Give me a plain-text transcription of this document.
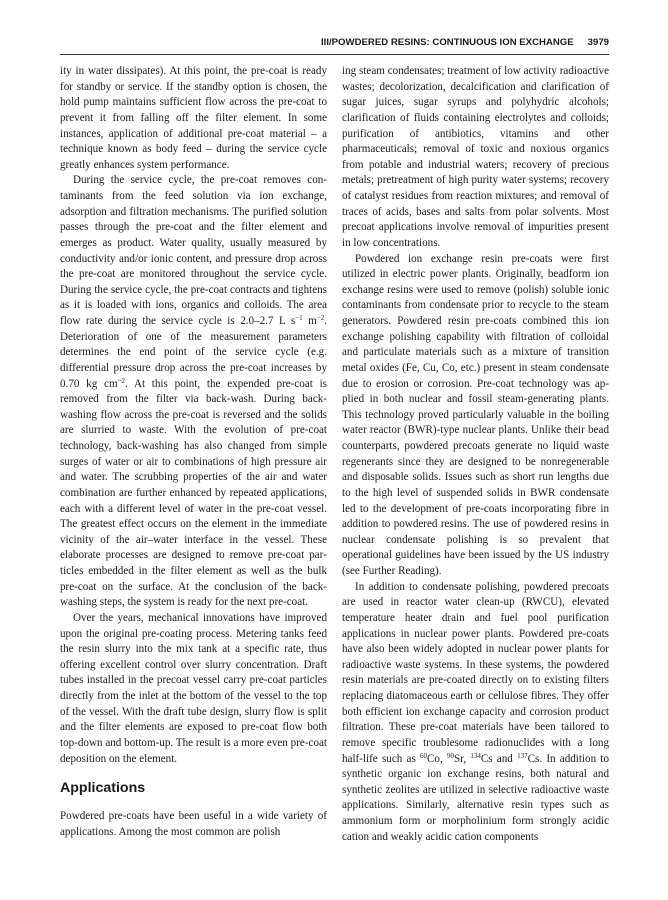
III/POWDERED RESINS: CONTINUOUS ION EXCHANGE 3979

ity in water dissipates). At this point, the pre-coat is ready for standby or service. If the standby option is chosen, the hold pump maintains sufficient flow across the pre-coat to prevent it from falling off the filter element. In some instances, application of additional pre-coat material – a technique known as body feed – during the service cycle greatly enhances system performance.

During the service cycle, the pre-coat removes contaminants from the feed solution via ion exchange, adsorption and filtration mechanisms. The purified solution passes through the pre-coat and the filter element and emerges as product. Water quality, usually measured by conductivity and/or ionic content, and pressure drop across the pre-coat are monitored throughout the service cycle. During the service cycle, the pre-coat contracts and tightens as it is loaded with ions, organics and colloids. The area flow rate during the service cycle is 2.0–2.7 L $s^{-1}$ $m^{-2}$. Deterioration of one of the measurement parameters determines the end point of the service cycle (e.g. differential pressure drop across the pre-coat increases by 0.70 kg $cm^{-2}$. At this point, the expended pre-coat is removed from the filter via back-wash. During backwashing flow across the pre-coat is reversed and the solids are slurried to waste. With the evolution of pre-coat technology, back-washing has also changed from simple surges of water or air to combinations of high pressure air and water. The scrubbing properties of the air and water combination are further enhanced by repeated applications, each with a different level of water in the pre-coat vessel. The greatest effect occurs on the element in the immediate vicinity of the air–water interface in the vessel. These elaborate processes are designed to remove pre-coat particles embedded in the filter element as well as the bulk pre-coat on the surface. At the conclusion of the back-washing steps, the system is ready for the next pre-coat.

Over the years, mechanical innovations have improved upon the original pre-coating process. Metering tanks feed the resin slurry into the mix tank at a specific rate, thus offering excellent control over slurry concentration. Draft tubes installed in the precoat vessel carry pre-coat particles directly from the inlet at the bottom of the vessel to the top of the vessel. With the draft tube design, slurry flow is split and the filter elements are exposed to pre-coat flow both top-down and bottom-up. The result is a more even pre-coat deposition on the element.

Applications

Powdered pre-coats have been useful in a wide variety of applications. Among the most common are polish

ing steam condensates; treatment of low activity radioactive wastes; decolorization, decalcification and clarification of sugar juices, sugar syrups and polyhydric alcohols; clarification of fluids containing electrolytes and colloids; purification of antibiotics, vitamins and other pharmaceuticals; removal of toxic and noxious organics from potable and industrial waters; recovery of precious metals; pretreatment of high purity water systems; recovery of catalyst residues from reaction mixtures; and removal of traces of acids, bases and salts from polar solvents. Most precoat applications involve removal of impurities present in low concentrations.

Powdered ion exchange resin pre-coats were first utilized in electric power plants. Originally, beadform ion exchange resins were used to remove (polish) soluble ionic contaminants from condensate prior to recycle to the steam generators. Powdered resin pre-coats combined this ion exchange polishing capability with filtration of colloidal and particulate materials such as a mixture of transition metal oxides (Fe, Cu, Co, etc.) present in steam condensate due to erosion or corrosion. Pre-coat technology was applied in both nuclear and fossil steam-generating plants. This technology proved particularly valuable in the boiling water reactor (BWR)-type nuclear plants. Unlike their bead counterparts, powdered precoats generate no liquid waste regenerants since they are designed to be nonregenerable and disposable solids. Issues such as short run lengths due to the high level of suspended solids in BWR condensate led to the development of pre-coats incorporating fibre in addition to powdered resins. The use of powdered resins in nuclear condensate polishing is so prevalent that operational guidelines have been issued by the US industry (see Further Reading).

In addition to condensate polishing, powdered precoats are used in reactor water clean-up (RWCU), elevated temperature heater drain and fuel pool purification applications in nuclear power plants. Powdered pre-coats have also been widely adopted in nuclear power plants for radioactive waste systems. In these systems, the powdered resin materials are pre-coated directly on to existing filters replacing diatomaceous earth or cellulose fibres. They offer both efficient ion exchange capacity and corrosion product filtration. These pre-coat materials have been tailored to remove specific troublesome radionuclides with a long half-life such as $^{60}$Co, $^{90}$Sr, $^{134}$Cs and $^{137}$Cs. In addition to synthetic organic ion exchange resins, both natural and synthetic zeolites are utilized in selective radioactive waste applications. Similarly, alternative resin types such as ammonium form or morpholinium form strongly acidic cation and weakly acidic cation components
